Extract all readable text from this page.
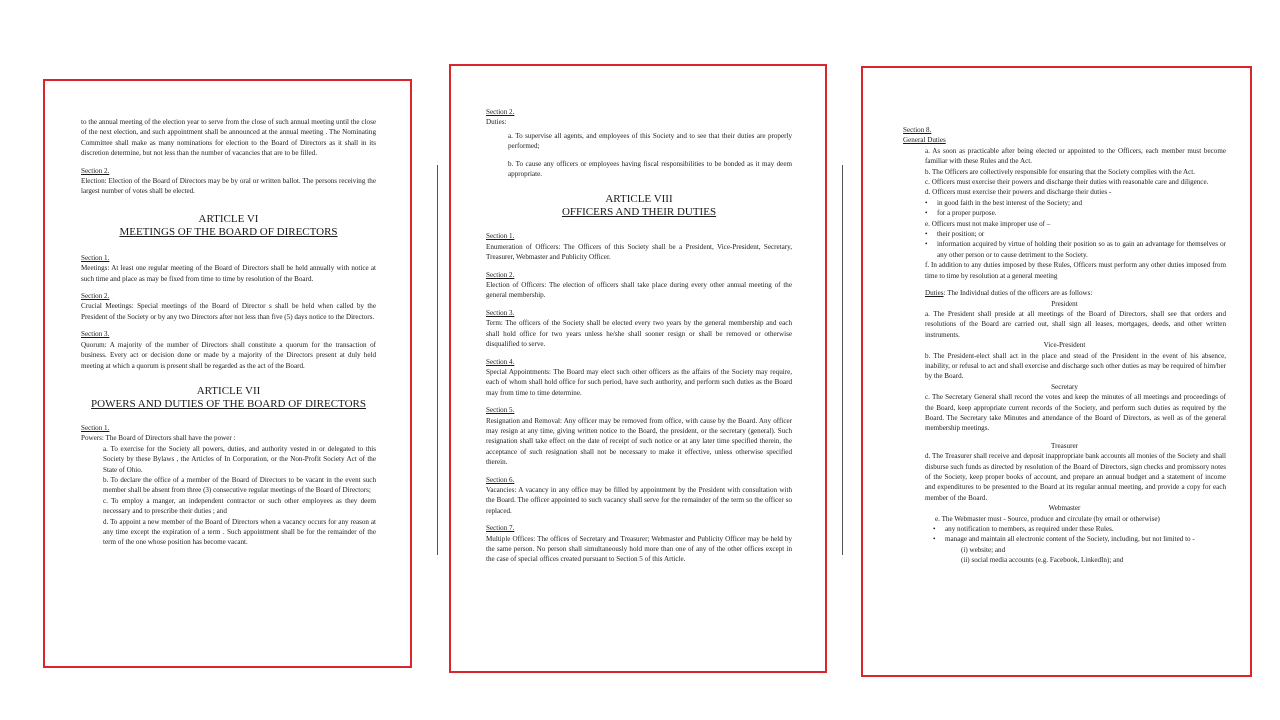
to the annual meeting of the election year to serve from the close of such annual meeting until the close of the next election, and such appointment shall be announced at the annual meeting . The Nominating Committee shall make as many nominations for election to the Board of Directors as it shall in its discretion determine, but not less than the number of vacancies that are to be filled.

Section 2.

Election: Election of the Board of Directors may be by oral or written ballot. The persons receiving the largest number of votes shall be elected.

ARTICLE VI

MEETINGS OF THE BOARD OF DIRECTORS

Section 1.

Meetings: At least one regular meeting of the Board of Directors shall be held annually with notice at such time and place as may be fixed from time to time by resolution of the Board.

Section 2.

Crucial Meetings: Special meetings of the Board of Director s shall be held when called by the President of the Society or by any two Directors after not less than five (5) days notice to the Directors.

Section 3.

Quorum: A majority of the number of Directors shall constitute a quorum for the transaction of business. Every act or decision done or made by a majority of the Directors present at duly held meeting at which a quorum is present shall be regarded as the act of the Board.

ARTICLE VII

POWERS AND DUTIES OF THE BOARD OF DIRECTORS

Section 1.

Powers: The Board of Directors shall have the power :

a. To exercise for the Society all powers, duties, and authority vested in or delegated to this Society by these Bylaws , the Articles of In Corporation, or the Non-Profit Society Act of the State of Ohio.

b. To declare the office of a member of the Board of Directors to be vacant in the event such member shall be absent from three (3) consecutive regular meetings of the Board of Directors;

c. To employ a manger, an independent contractor or such other employees as they deem necessary and to prescribe their duties ; and

d. To appoint a new member of the Board of Directors when a vacancy occurs for any reason at any time except the expiration of a term . Such appointment shall be for the remainder of the term of the one whose position has become vacant.

Section 2.

Duties:

a. To supervise all agents, and employees of this Society and to see that their duties are properly performed;

b. To cause any officers or employees having fiscal responsibilities to be bonded as it may deem appropriate.

ARTICLE VIII

OFFICERS AND THEIR DUTIES

Section 1.

Enumeration of Officers: The Officers of this Society shall be a President, Vice-President, Secretary, Treasurer, Webmaster and Publicity Officer.

Section 2.

Election of Officers: The election of officers shall take place during every other annual meeting of the general membership.

Section 3.

Term: The officers of the Society shall be elected every two years by the general membership and each shall hold office for two years unless he/she shall sooner resign or shall be removed or otherwise disqualified to serve.

Section 4.

Special Appointments: The Board may elect such other officers as the affairs of the Society may require, each of whom shall hold office for such period, have such authority, and perform such duties as the Board may from time to time determine.

Section 5.

Resignation and Removal: Any officer may be removed from office, with cause by the Board. Any officer may resign at any time, giving written notice to the Board, the president, or the secretary (general). Such resignation shall take effect on the date of receipt of such notice or at any later time specified therein, the acceptance of such resignation shall not be necessary to make it effective, unless otherwise specified therein.

Section 6.

Vacancies: A vacancy in any office may be filled by appointment by the President with consultation with the Board. The officer appointed to such vacancy shall serve for the remainder of the term so the officer so replaced.

Section 7.

Multiple Offices: The offices of Secretary and Treasurer; Webmaster and Publicity Officer may be held by the same person. No person shall simultaneously hold more than one of any of the other offices except in the case of special offices created pursuant to Section 5 of this Article.

Section 8.

General Duties

a. As soon as practicable after being elected or appointed to the Officers, each member must become familiar with these Rules and the Act.

b. The Officers are collectively responsible for ensuring that the Society complies with the Act.

c. Officers must exercise their powers and discharge their duties with reasonable care and diligence.

d. Officers must exercise their powers and discharge their duties -

• in good faith in the best interest of the Society; and
• for a proper purpose.

e. Officers must not make improper use of –

• their position; or
• information acquired by virtue of holding their position so as to gain an advantage for themselves or any other person or to cause detriment to the Society.

f. In addition to any duties imposed by these Rules, Officers must perform any other duties imposed from time to time by resolution at a general meeting

Duties: The Individual duties of the officers are as follows:

President

a. The President shall preside at all meetings of the Board of Directors, shall see that orders and resolutions of the Board are carried out, shall sign all leases, mortgages, deeds, and other written instruments.

Vice-President

b. The President-elect shall act in the place and stead of the President in the event of his absence, inability, or refusal to act and shall exercise and discharge such other duties as may be required of him/her by the Board.

Secretary

c. The Secretary General shall record the votes and keep the minutes of all meetings and proceedings of the Board, keep appropriate current records of the Society, and perform such duties as required by the Board. The Secretary take Minutes and attendance of the Board of Directors, as well as of the general membership meetings.

Treasurer

d. The Treasurer shall receive and deposit inappropriate bank accounts all monies of the Society and shall disburse such funds as directed by resolution of the Board of Directors, sign checks and promissory notes of the Society, keep proper books of account, and prepare an annual budget and a statement of income and expenditures to be presented to the Board at its regular annual meeting, and provide a copy for each member of the Board.

Webmaster

e. The Webmaster must - Source, produce and circulate (by email or otherwise)

• any notification to members, as required under these Rules.
• manage and maintain all electronic content of the Society, including, but not limited to -

(i) website; and

(ii) social media accounts (e.g. Facebook, LinkedIn); and
